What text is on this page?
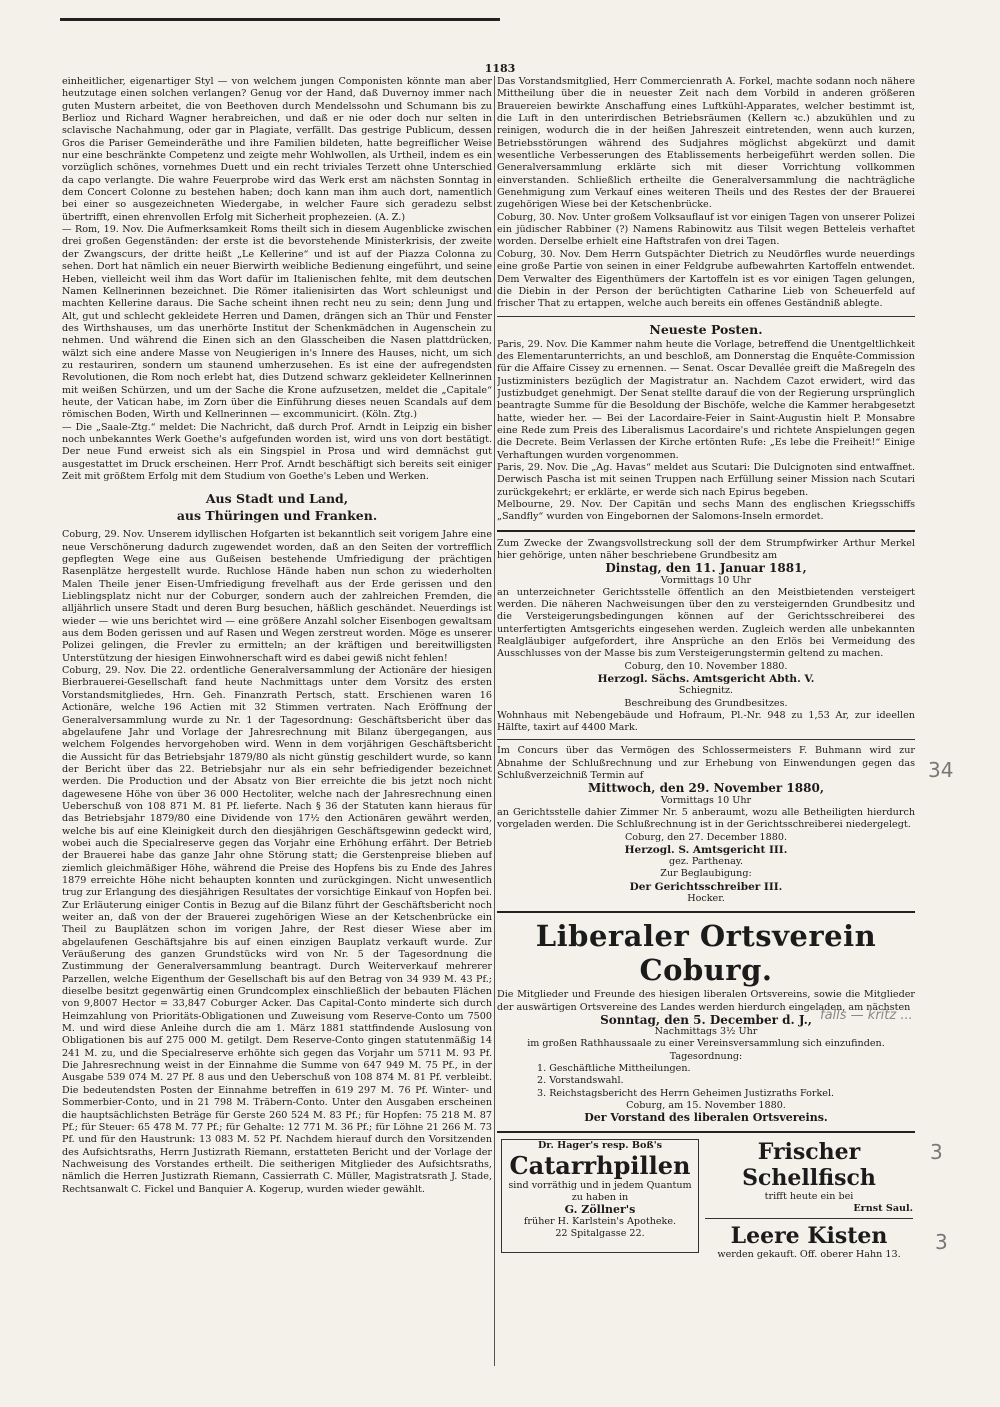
1183

einheitlicher, eigenartiger Styl — von welchem jungen Componisten könnte man aber heutzutage einen solchen verlangen? Genug vor der Hand, daß Duvernoy immer nach guten Mustern arbeitet, die von Beethoven durch Mendelssohn und Schumann bis zu Berlioz und Richard Wagner herabreichen, und daß er nie oder doch nur selten in sclavische Nachahmung, oder gar in Plagiate, verfällt. Das gestrige Publicum, dessen Gros die Pariser Gemeinderäthe und ihre Familien bildeten, hatte begreiflicher Weise nur eine beschränkte Competenz und zeigte mehr Wohlwollen, als Urtheil, indem es ein vorzüglich schönes, vornehmes Duett und ein recht triviales Terzett ohne Unterschied da capo verlangte. Die wahre Feuerprobe wird das Werk erst am nächsten Sonntag in dem Concert Colonne zu bestehen haben; doch kann man ihm auch dort, namentlich bei einer so ausgezeichneten Wiedergabe, in welcher Faure sich geradezu selbst übertrifft, einen ehrenvollen Erfolg mit Sicherheit prophezeien. (A. Z.)

— Rom, 19. Nov. Die Aufmerksamkeit Roms theilt sich in diesem Augenblicke zwischen drei großen Gegenständen: der erste ist die bevorstehende Ministerkrisis, der zweite der Zwangscurs, der dritte heißt „Le Kellerine“ und ist auf der Piazza Colonna zu sehen. Dort hat nämlich ein neuer Bierwirth weibliche Bedienung eingeführt, und seine Heben, vielleicht weil ihm das Wort dafür im Italienischen fehlte, mit dem deutschen Namen Kellnerinnen bezeichnet. Die Römer italienisirten das Wort schleunigst und machten Kellerine daraus. Die Sache scheint ihnen recht neu zu sein; denn Jung und Alt, gut und schlecht gekleidete Herren und Damen, drängen sich an Thür und Fenster des Wirthshauses, um das unerhörte Institut der Schenkmädchen in Augenschein zu nehmen. Und während die Einen sich an den Glasscheiben die Nasen plattdrücken, wälzt sich eine andere Masse von Neugierigen in's Innere des Hauses, nicht, um sich zu restauriren, sondern um staunend umherzusehen. Es ist eine der aufregendsten Revolutionen, die Rom noch erlebt hat, dies Dutzend schwarz gekleideter Kellnerinnen mit weißen Schürzen, und um der Sache die Krone aufzusetzen, meldet die „Capitale“ heute, der Vatican habe, im Zorn über die Einführung dieses neuen Scandals auf dem römischen Boden, Wirth und Kellnerinnen — excommunicirt. (Köln. Ztg.)

— Die „Saale-Ztg.“ meldet: Die Nachricht, daß durch Prof. Arndt in Leipzig ein bisher noch unbekanntes Werk Goethe's aufgefunden worden ist, wird uns von dort bestätigt. Der neue Fund erweist sich als ein Singspiel in Prosa und wird demnächst gut ausgestattet im Druck erscheinen. Herr Prof. Arndt beschäftigt sich bereits seit einiger Zeit mit größtem Erfolg mit dem Studium von Goethe's Leben und Werken.

Aus Stadt und Land,
aus Thüringen und Franken.

Coburg, 29. Nov. Unserem idyllischen Hofgarten ist bekanntlich seit vorigem Jahre eine neue Verschönerung dadurch zugewendet worden, daß an den Seiten der vortrefflich gepflegten Wege eine aus Gußeisen bestehende Umfriedigung der prächtigen Rasenplätze hergestellt wurde. Ruchlose Hände haben nun schon zu wiederholten Malen Theile jener Eisen-Umfriedigung frevelhaft aus der Erde gerissen und den Lieblingsplatz nicht nur der Coburger, sondern auch der zahlreichen Fremden, die alljährlich unsere Stadt und deren Burg besuchen, häßlich geschändet. Neuerdings ist wieder — wie uns berichtet wird — eine größere Anzahl solcher Eisenbogen gewaltsam aus dem Boden gerissen und auf Rasen und Wegen zerstreut worden. Möge es unserer Polizei gelingen, die Frevler zu ermitteln; an der kräftigen und bereitwilligsten Unterstützung der hiesigen Einwohnerschaft wird es dabei gewiß nicht fehlen!

Coburg, 29. Nov. Die 22. ordentliche Generalversammlung der Actionäre der hiesigen Bierbrauerei-Gesellschaft fand heute Nachmittags unter dem Vorsitz des ersten Vorstandsmitgliedes, Hrn. Geh. Finanzrath Pertsch, statt. Erschienen waren 16 Actionäre, welche 196 Actien mit 32 Stimmen vertraten. Nach Eröffnung der Generalversammlung wurde zu Nr. 1 der Tagesordnung: Geschäftsbericht über das abgelaufene Jahr und Vorlage der Jahresrechnung mit Bilanz übergegangen, aus welchem Folgendes hervorgehoben wird. Wenn in dem vorjährigen Geschäftsbericht die Aussicht für das Betriebsjahr 1879/80 als nicht günstig geschildert wurde, so kann der Bericht über das 22. Betriebsjahr nur als ein sehr befriedigender bezeichnet werden. Die Production und der Absatz von Bier erreichte die bis jetzt noch nicht dagewesene Höhe von über 36 000 Hectoliter, welche nach der Jahresrechnung einen Ueberschuß von 108 871 M. 81 Pf. lieferte. Nach § 36 der Statuten kann hieraus für das Betriebsjahr 1879/80 eine Dividende von 17½ den Actionären gewährt werden, welche bis auf eine Kleinigkeit durch den diesjährigen Geschäftsgewinn gedeckt wird, wobei auch die Specialreserve gegen das Vorjahr eine Erhöhung erfährt. Der Betrieb der Brauerei habe das ganze Jahr ohne Störung statt; die Gerstenpreise blieben auf ziemlich gleichmäßiger Höhe, während die Preise des Hopfens bis zu Ende des Jahres 1879 erreichte Höhe nicht behaupten konnten und zurückgingen. Nicht unwesentlich trug zur Erlangung des diesjährigen Resultates der vorsichtige Einkauf von Hopfen bei. Zur Erläuterung einiger Contis in Bezug auf die Bilanz führt der Geschäftsbericht noch weiter an, daß von der der Brauerei zugehörigen Wiese an der Ketschenbrücke ein Theil zu Bauplätzen schon im vorigen Jahre, der Rest dieser Wiese aber im abgelaufenen Geschäftsjahre bis auf einen einzigen Bauplatz verkauft wurde. Zur Veräußerung des ganzen Grundstücks wird von Nr. 5 der Tagesordnung die Zustimmung der Generalversammlung beantragt. Durch Weiterverkauf mehrerer Parzellen, welche Eigenthum der Gesellschaft bis auf den Betrag von 34 939 M. 43 Pf.; dieselbe besitzt gegenwärtig einen Grundcomplex einschließlich der bebauten Flächen von 9,8007 Hector = 33,847 Coburger Acker. Das Capital-Conto minderte sich durch Heimzahlung von Prioritäts-Obligationen und Zuweisung vom Reserve-Conto um 7500 M. und wird diese Anleihe durch die am 1. März 1881 stattfindende Auslosung von Obligationen bis auf 275 000 M. getilgt. Dem Reserve-Conto gingen statutenmäßig 14 241 M. zu, und die Specialreserve erhöhte sich gegen das Vorjahr um 5711 M. 93 Pf. Die Jahresrechnung weist in der Einnahme die Summe von 647 949 M. 75 Pf., in der Ausgabe 539 074 M. 27 Pf. 8 aus und den Ueberschuß von 108 874 M. 81 Pf. verbleibt. Die bedeutendsten Posten der Einnahme betreffen in 619 297 M. 76 Pf. Winter- und Sommerbier-Conto, und in 21 798 M. Träbern-Conto. Unter den Ausgaben erscheinen die hauptsächlichsten Beträge für Gerste 260 524 M. 83 Pf.; für Hopfen: 75 218 M. 87 Pf.; für Steuer: 65 478 M. 77 Pf.; für Gehalte: 12 771 M. 36 Pf.; für Löhne 21 266 M. 73 Pf. und für den Haustrunk: 13 083 M. 52 Pf. Nachdem hierauf durch den Vorsitzenden des Aufsichtsraths, Herrn Justizrath Riemann, erstatteten Bericht und der Vorlage der Nachweisung des Vorstandes ertheilt. Die seitherigen Mitglieder des Aufsichtsraths, nämlich die Herren Justizrath Riemann, Cassierrath C. Müller, Magistratsrath J. Stade, Rechtsanwalt C. Fickel und Banquier A. Kogerup, wurden wieder gewählt.

Das Vorstandsmitglied, Herr Commercienrath A. Forkel, machte sodann noch nähere Mittheilung über die in neuester Zeit nach dem Vorbild in anderen größeren Brauereien bewirkte Anschaffung eines Luftkühl-Apparates, welcher bestimmt ist, die Luft in den unterirdischen Betriebsräumen (Kellern ꝛc.) abzukühlen und zu reinigen, wodurch die in der heißen Jahreszeit eintretenden, wenn auch kurzen, Betriebsstörungen während des Sudjahres möglichst abgekürzt und damit wesentliche Verbesserungen des Etablissements herbeigeführt werden sollen. Die Generalversammlung erklärte sich mit dieser Vorrichtung vollkommen einverstanden. Schließlich ertheilte die Generalversammlung die nachträgliche Genehmigung zum Verkauf eines weiteren Theils und des Restes der der Brauerei zugehörigen Wiese bei der Ketschenbrücke.

Coburg, 30. Nov. Unter großem Volksauflauf ist vor einigen Tagen von unserer Polizei ein jüdischer Rabbiner (?) Namens Rabinowitz aus Tilsit wegen Betteleis verhaftet worden. Derselbe erhielt eine Haftstrafen von drei Tagen.

Coburg, 30. Nov. Dem Herrn Gutspächter Dietrich zu Neudörfles wurde neuerdings eine große Partie von seinen in einer Feldgrube aufbewahrten Kartoffeln entwendet. Dem Verwalter des Eigenthümers der Kartoffeln ist es vor einigen Tagen gelungen, die Diebin in der Person der berüchtigten Catharine Lieb von Scheuerfeld auf frischer That zu ertappen, welche auch bereits ein offenes Geständniß ablegte.

Neueste Posten.

Paris, 29. Nov. Die Kammer nahm heute die Vorlage, betreffend die Unentgeltlichkeit des Elementarunterrichts, an und beschloß, am Donnerstag die Enquête-Commission für die Affaire Cissey zu ernennen. — Senat. Oscar Devallée greift die Maßregeln des Justizministers bezüglich der Magistratur an. Nachdem Cazot erwidert, wird das Justizbudget genehmigt. Der Senat stellte darauf die von der Regierung ursprünglich beantragte Summe für die Besoldung der Bischöfe, welche die Kammer herabgesetzt hatte, wieder her. — Bei der Lacordaire-Feier in Saint-Augustin hielt P. Monsabre eine Rede zum Preis des Liberalismus Lacordaire's und richtete Anspielungen gegen die Decrete. Beim Verlassen der Kirche ertönten Rufe: „Es lebe die Freiheit!“ Einige Verhaftungen wurden vorgenommen.

Paris, 29. Nov. Die „Ag. Havas“ meldet aus Scutari: Die Dulcignoten sind entwaffnet. Derwisch Pascha ist mit seinen Truppen nach Erfüllung seiner Mission nach Scutari zurückgekehrt; er erklärte, er werde sich nach Epirus begeben.

Melbourne, 29. Nov. Der Capitän und sechs Mann des englischen Kriegsschiffs „Sandfly“ wurden von Eingebornen der Salomons-Inseln ermordet.

Zum Zwecke der Zwangsvollstreckung soll der dem Strumpfwirker Arthur Merkel hier gehörige, unten näher beschriebene Grundbesitz am

Dinstag, den 11. Januar 1881,
Vormittags 10 Uhr

an unterzeichneter Gerichtsstelle öffentlich an den Meistbietenden versteigert werden. Die näheren Nachweisungen über den zu versteigernden Grundbesitz und die Versteigerungsbedingungen können auf der Gerichtsschreiberei des unterfertigten Amtsgerichts eingesehen werden. Zugleich werden alle unbekannten Realgläubiger aufgefordert, ihre Ansprüche an den Erlös bei Vermeidung des Ausschlusses von der Masse bis zum Versteigerungstermin geltend zu machen.

Coburg, den 10. November 1880.
Herzogl. Sächs. Amtsgericht Abth. V.
Schiegnitz.
Beschreibung des Grundbesitzes.

Wohnhaus mit Nebengebäude und Hofraum, Pl.-Nr. 948 zu 1,53 Ar, zur ideellen Hälfte, taxirt auf 4400 Mark.

Im Concurs über das Vermögen des Schlossermeisters F. Buhmann wird zur Abnahme der Schlußrechnung und zur Erhebung von Einwendungen gegen das Schlußverzeichniß Termin auf

Mittwoch, den 29. November 1880,
Vormittags 10 Uhr

an Gerichtsstelle dahier Zimmer Nr. 5 anberaumt, wozu alle Betheiligten hierdurch vorgeladen werden. Die Schlußrechnung ist in der Gerichtsschreiberei niedergelegt.

Coburg, den 27. December 1880.
Herzogl. S. Amtsgericht III.
gez. Parthenay.
Zur Beglaubigung:
Der Gerichtsschreiber III.
Hocker.
Liberaler Ortsverein Coburg.

Die Mitglieder und Freunde des hiesigen liberalen Ortsvereins, sowie die Mitglieder der auswärtigen Ortsvereine des Landes werden hierdurch eingeladen, am nächsten

Sonntag, den 5. December d. J.,
Nachmittags 3½ Uhr
im großen Rathhaussaale zu einer Vereinsversammlung sich einzufinden.
Tagesordnung:
1. Geschäftliche Mittheilungen.
2. Vorstandswahl.
3. Reichstagsbericht des Herrn Geheimen Justizraths Forkel.
Coburg, am 15. November 1880.
Der Vorstand des liberalen Ortsvereins.
Dr. Hager's resp. Boß's
Catarrhpillen
sind vorräthig und in jedem Quantum
zu haben in
G. Zöllner's
früher H. Karlstein's Apotheke.
22 Spitalgasse 22.
Frischer Schellfisch
trifft heute ein bei
Ernst Saul.
Leere Kisten
werden gekauft. Off. oberer Hahn 13.
34
3
3
falls — kritz ...
